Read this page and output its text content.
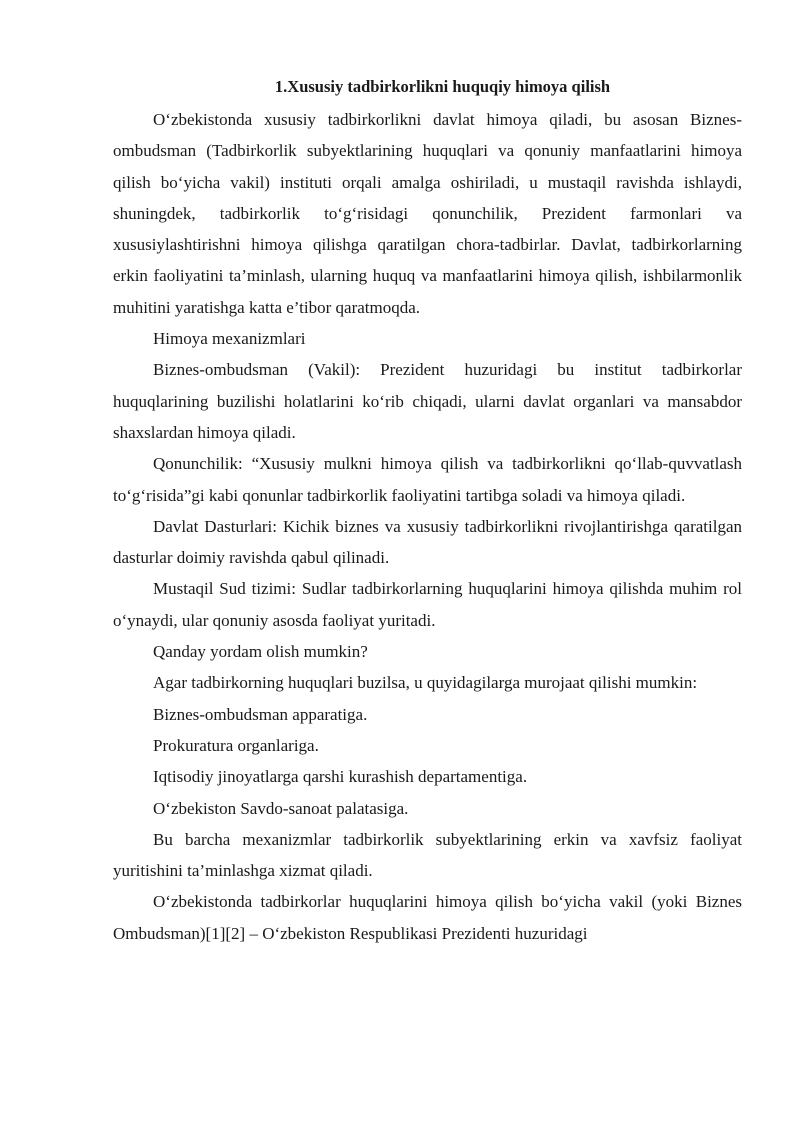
1.Xususiy tadbirkorlikni huquqiy himoya qilish

O‘zbekistonda xususiy tadbirkorlikni davlat himoya qiladi, bu asosan Biznes-ombudsman (Tadbirkorlik subyektlarining huquqlari va qonuniy manfaatlarini himoya qilish bo‘yicha vakil) instituti orqali amalga oshiriladi, u mustaqil ravishda ishlaydi, shuningdek, tadbirkorlik to‘g‘risidagi qonunchilik, Prezident farmonlari va xususiylashtirishni himoya qilishga qaratilgan chora-tadbirlar. Davlat, tadbirkorlarning erkin faoliyatini ta’minlash, ularning huquq va manfaatlarini himoya qilish, ishbilarmonlik muhitini yaratishga katta e’tibor qaratmoqda.

Himoya mexanizmlari

Biznes-ombudsman (Vakil): Prezident huzuridagi bu institut tadbirkorlar huquqlarining buzilishi holatlarini ko‘rib chiqadi, ularni davlat organlari va mansabdor shaxslardan himoya qiladi.

Qonunchilik: “Xususiy mulkni himoya qilish va tadbirkorlikni qo‘llab-quvvatlash to‘g‘risida”gi kabi qonunlar tadbirkorlik faoliyatini tartibga soladi va himoya qiladi.

Davlat Dasturlari: Kichik biznes va xususiy tadbirkorlikni rivojlantirishga qaratilgan dasturlar doimiy ravishda qabul qilinadi.

Mustaqil Sud tizimi: Sudlar tadbirkorlarning huquqlarini himoya qilishda muhim rol o‘ynaydi, ular qonuniy asosda faoliyat yuritadi.

Qanday yordam olish mumkin?

Agar tadbirkorning huquqlari buzilsa, u quyidagilarga murojaat qilishi mumkin:

Biznes-ombudsman apparatiga.

Prokuratura organlariga.

Iqtisodiy jinoyatlarga qarshi kurashish departamentiga.

O‘zbekiston Savdo-sanoat palatasiga.

Bu barcha mexanizmlar tadbirkorlik subyektlarining erkin va xavfsiz faoliyat yuritishini ta’minlashga xizmat qiladi.

O‘zbekistonda tadbirkorlar huquqlarini himoya qilish bo‘yicha vakil (yoki Biznes Ombudsman)[1][2] – O‘zbekiston Respublikasi Prezidenti huzuridagi
